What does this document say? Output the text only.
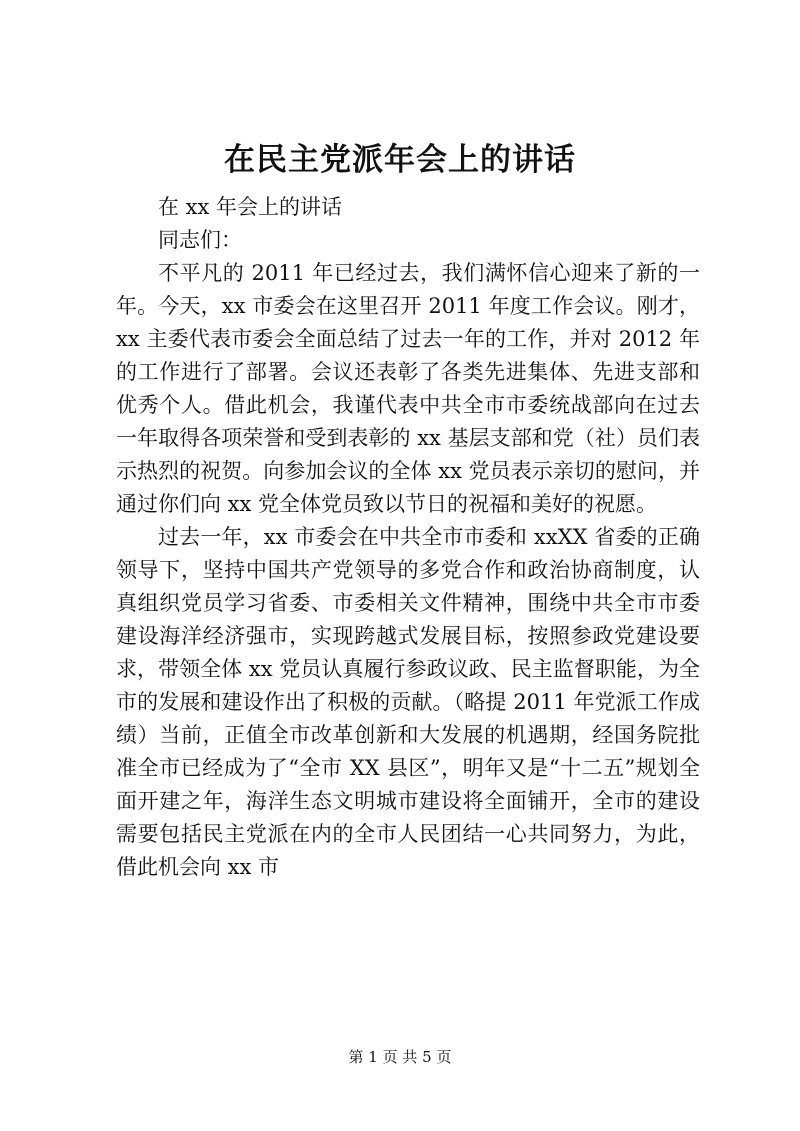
在民主党派年会上的讲话

在 xx 年会上的讲话

同志们：

不平凡的 2011 年已经过去，我们满怀信心迎来了新的一年。今天，xx 市委会在这里召开 2011 年度工作会议。刚才，xx 主委代表市委会全面总结了过去一年的工作，并对 2012 年的工作进行了部署。会议还表彰了各类先进集体、先进支部和优秀个人。借此机会，我谨代表中共全市市委统战部向在过去一年取得各项荣誉和受到表彰的 xx 基层支部和党（社）员们表示热烈的祝贺。向参加会议的全体 xx 党员表示亲切的慰问，并通过你们向 xx 党全体党员致以节日的祝福和美好的祝愿。

过去一年，xx 市委会在中共全市市委和 xxXX 省委的正确领导下，坚持中国共产党领导的多党合作和政治协商制度，认真组织党员学习省委、市委相关文件精神，围绕中共全市市委建设海洋经济强市，实现跨越式发展目标，按照参政党建设要求，带领全体 xx 党员认真履行参政议政、民主监督职能，为全市的发展和建设作出了积极的贡献。（略提 2011 年党派工作成绩）当前，正值全市改革创新和大发展的机遇期，经国务院批准全市已经成为了“全市 XX 县区”，明年又是“十二五”规划全面开建之年，海洋生态文明城市建设将全面铺开，全市的建设需要包括民主党派在内的全市人民团结一心共同努力，为此，借此机会向 xx 市

第 1 页 共 5 页
